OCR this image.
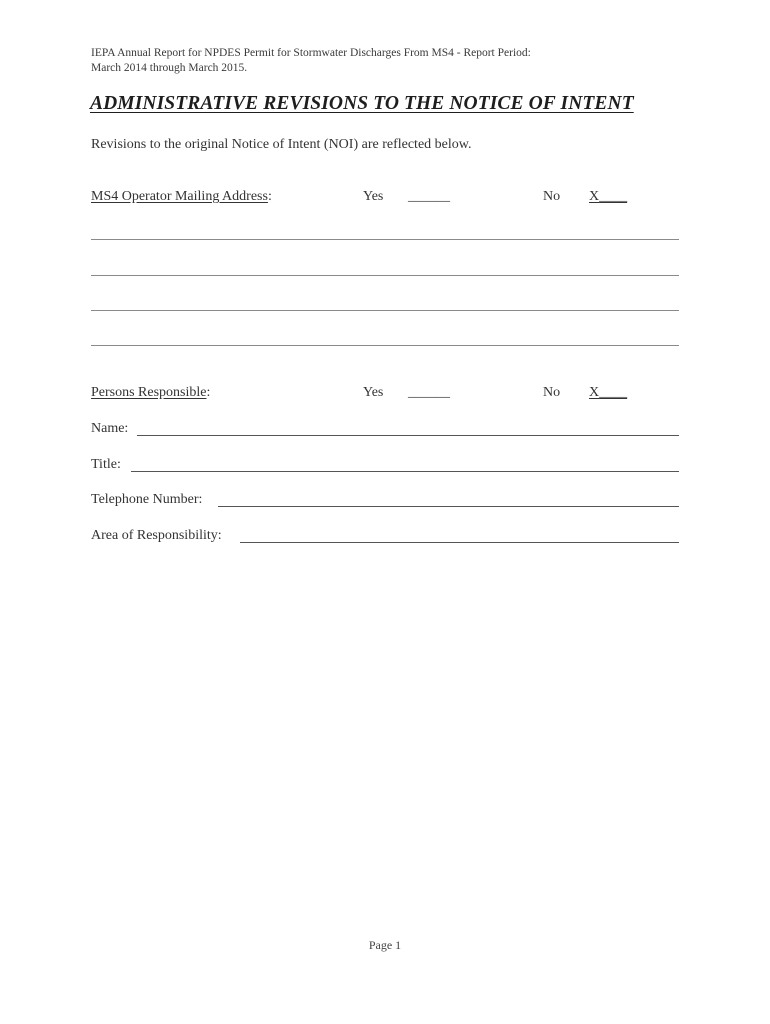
IEPA Annual Report for NPDES Permit for Stormwater Discharges From MS4 - Report Period:
March 2014 through March 2015.
ADMINISTRATIVE REVISIONS TO THE NOTICE OF INTENT
Revisions to the original Notice of Intent (NOI) are reflected below.
MS4 Operator Mailing Address:	Yes ______	No X____
Persons Responsible:	Yes ______	No X____
Name:
Title:
Telephone Number:
Area of Responsibility:
Page 1
